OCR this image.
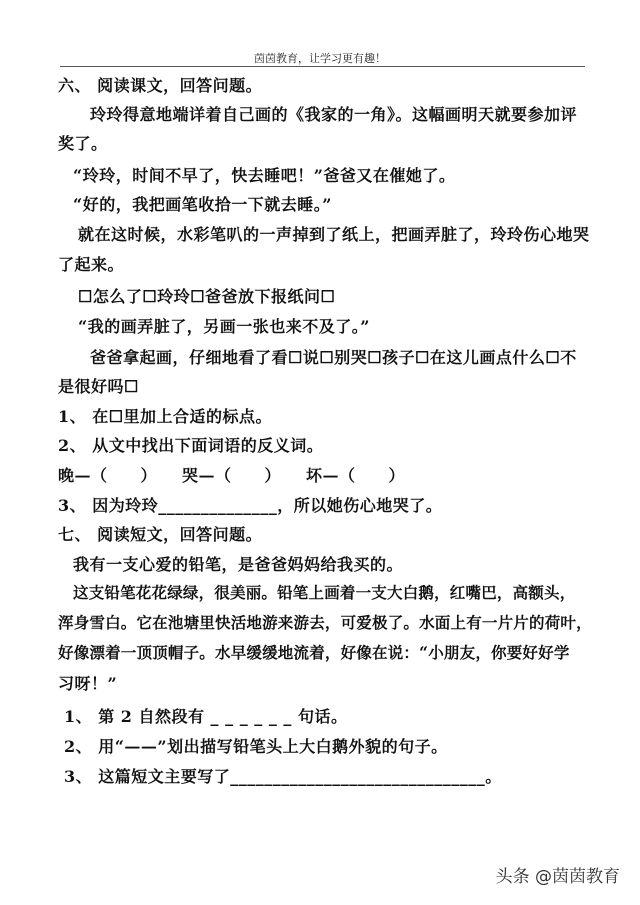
茵茵教育，让学习更有趣！
六、 阅读课文，回答问题。
玲玲得意地端详着自己画的《我家的一角》。这幅画明天就要参加评
奖了。
“玲玲，时间不早了，快去睡吧！”爸爸又在催她了。
“好的，我把画笔收拾一下就去睡。”
就在这时候，水彩笔叭的一声掉到了纸上，把画弄脏了，玲玲伤心地哭
了起来。
☐怎么了☐玲玲☐爸爸放下报纸问☐
“我的画弄脏了，另画一张也来不及了。”
爸爸拿起画，仔细地看了看☐说☐别哭☐孩子☐在这儿画点什么☐不
是很好吗☐
1、 在☐里加上合适的标点。
2、 从文中找出下面词语的反义词。
晚—（　　）　　哭—（　　）　　坏—（　　）
3、 因为玲玲______________，所以她伤心地哭了。
七、 阅读短文，回答问题。
我有一支心爱的铅笔，是爸爸妈妈给我买的。
这支铅笔花花绿绿，很美丽。铅笔上画着一支大白鹅，红嘴巴，高额头，
浑身雪白。它在池塘里快活地游来游去，可爱极了。水面上有一片片的荷叶，
好像漂着一顶顶帽子。水早缓缓地流着，好像在说：“小朋友，你要好好学
习呀！”
1、 第 2 自然段有 _ _ _ _ _ _ 句话。
2、 用“——”划出描写铅笔头上大白鹅外貌的句子。
3、 这篇短文主要写了______________________________。
头条 @茵茵教育
